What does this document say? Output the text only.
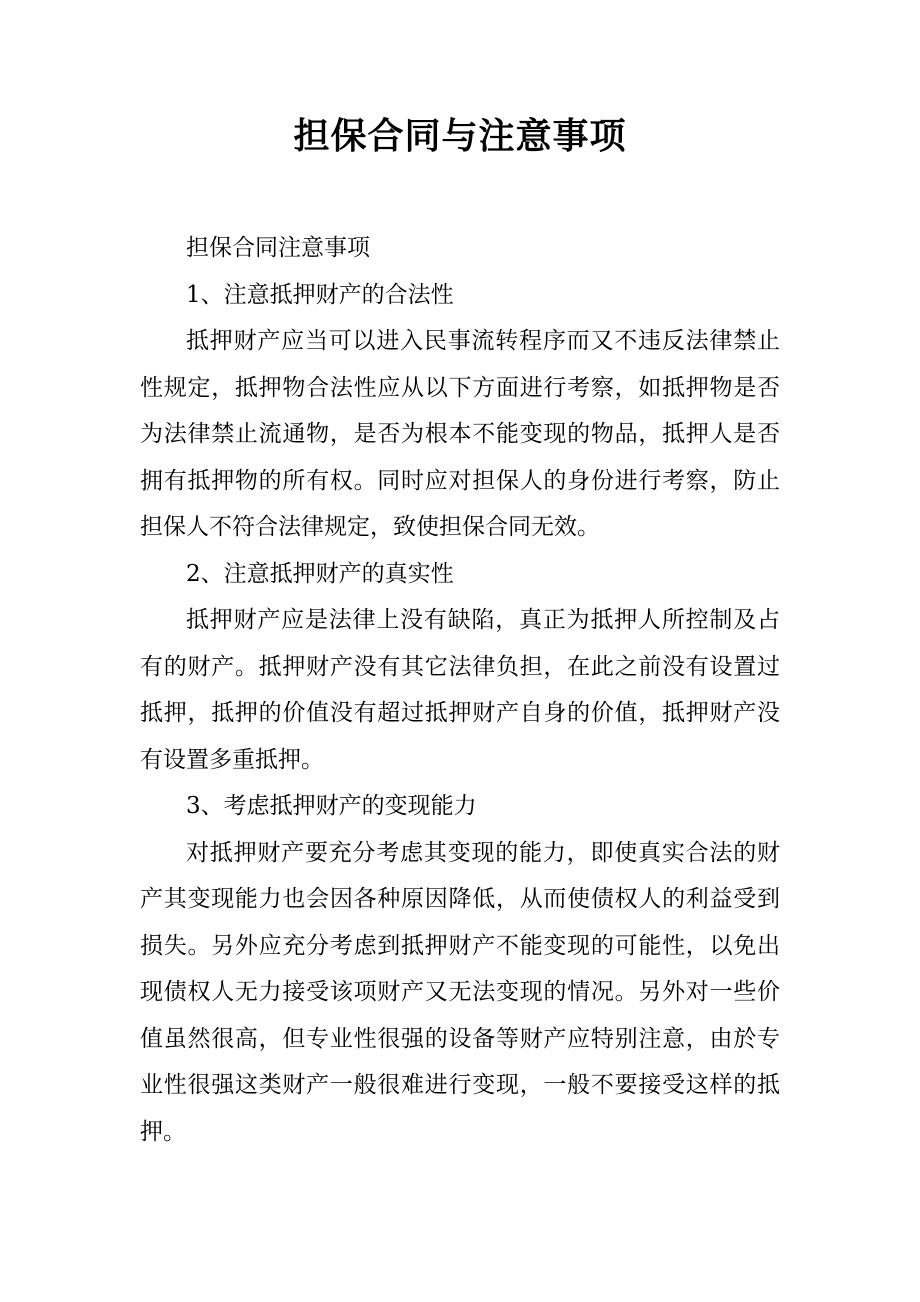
担保合同与注意事项

担保合同注意事项

1、注意抵押财产的合法性

抵押财产应当可以进入民事流转程序而又不违反法律禁止性规定，抵押物合法性应从以下方面进行考察，如抵押物是否为法律禁止流通物，是否为根本不能变现的物品，抵押人是否拥有抵押物的所有权。同时应对担保人的身份进行考察，防止担保人不符合法律规定，致使担保合同无效。

2、注意抵押财产的真实性

抵押财产应是法律上没有缺陷，真正为抵押人所控制及占有的财产。抵押财产没有其它法律负担，在此之前没有设置过抵押，抵押的价值没有超过抵押财产自身的价值，抵押财产没有设置多重抵押。

3、考虑抵押财产的变现能力

对抵押财产要充分考虑其变现的能力，即使真实合法的财产其变现能力也会因各种原因降低，从而使债权人的利益受到损失。另外应充分考虑到抵押财产不能变现的可能性，以免出现债权人无力接受该项财产又无法变现的情况。另外对一些价值虽然很高，但专业性很强的设备等财产应特别注意，由於专业性很强这类财产一般很难进行变现，一般不要接受这样的抵押。
